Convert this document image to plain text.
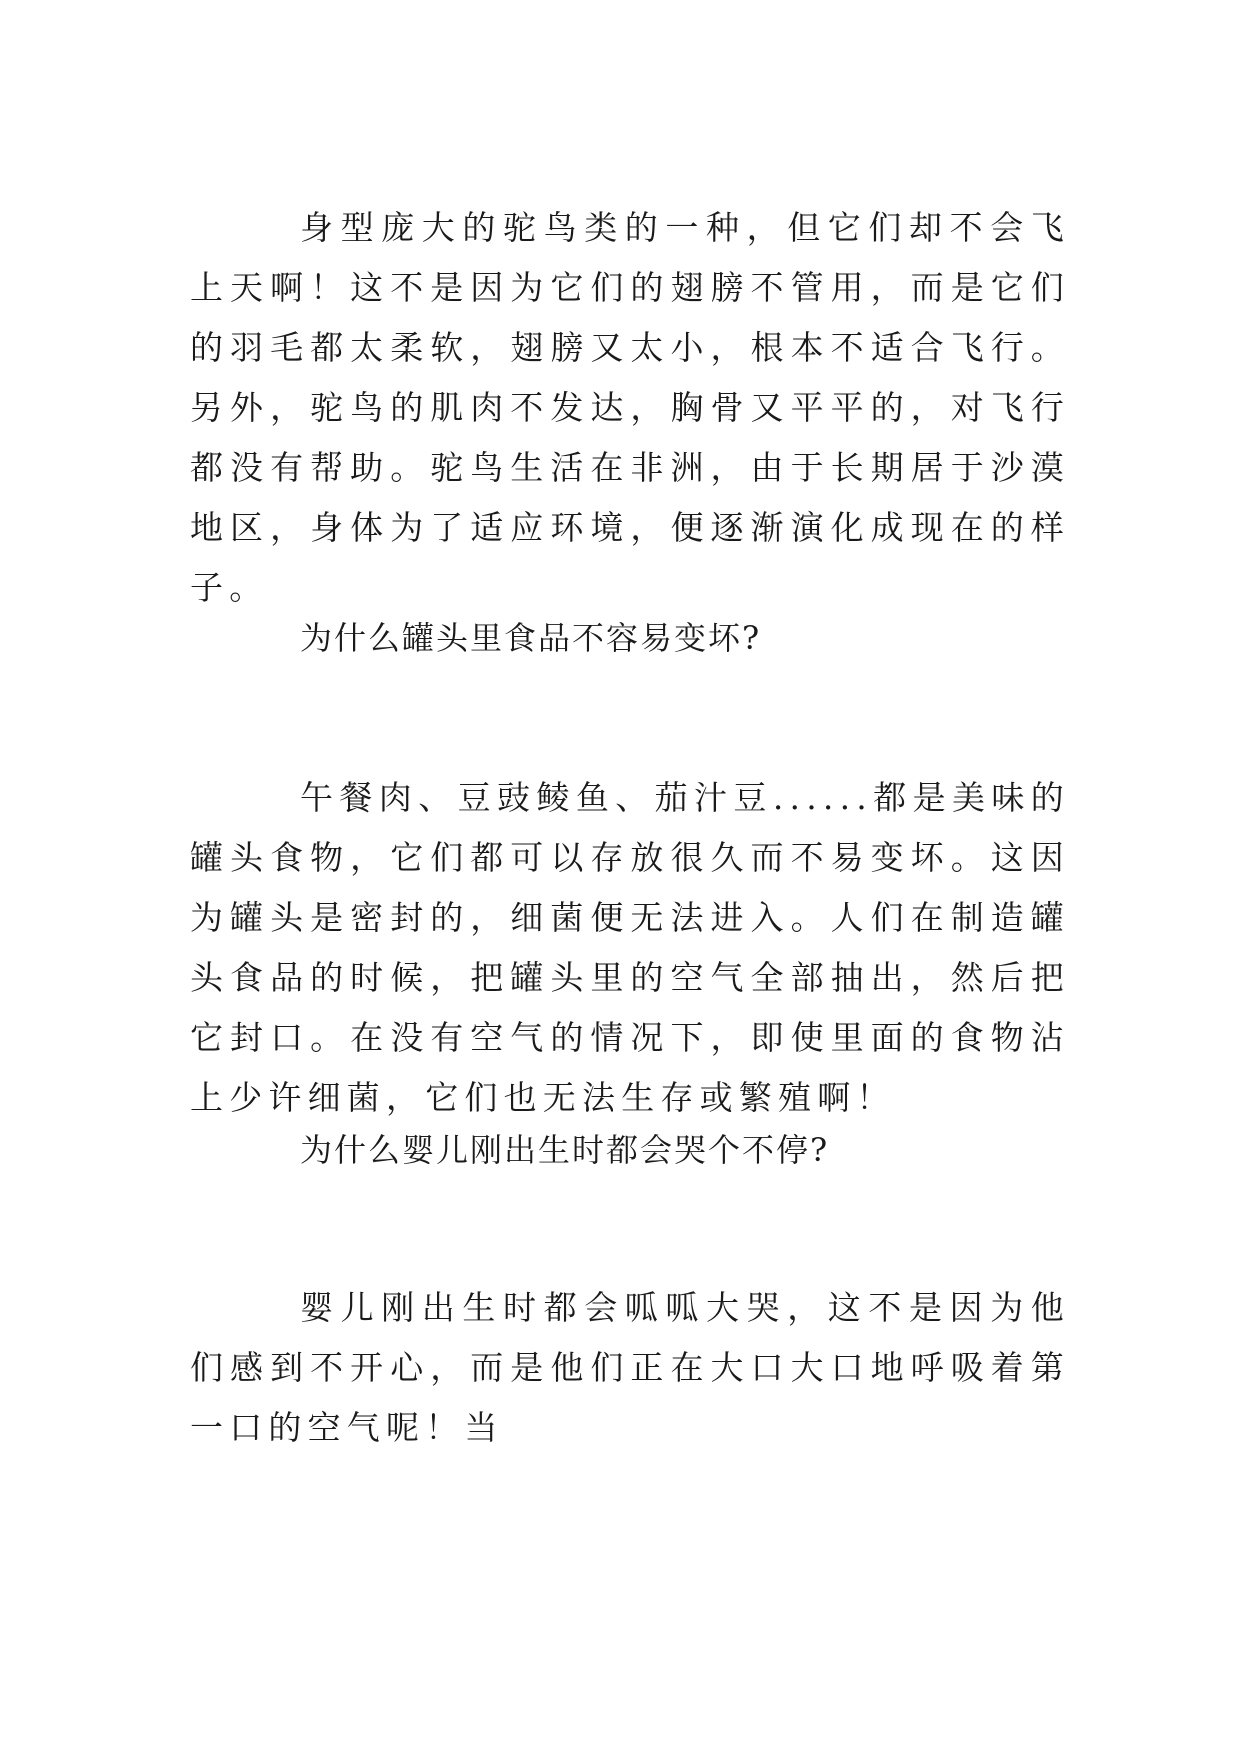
身型庞大的驼鸟类的一种，但它们却不会飞上天啊！这不是因为它们的翅膀不管用，而是它们的羽毛都太柔软，翅膀又太小，根本不适合飞行。另外，驼鸟的肌肉不发达，胸骨又平平的，对飞行都没有帮助。驼鸟生活在非洲，由于长期居于沙漠地区，身体为了适应环境，便逐渐演化成现在的样子。

为什么罐头里食品不容易变坏?

午餐肉、豆豉鲮鱼、茄汁豆......都是美味的罐头食物，它们都可以存放很久而不易变坏。这因为罐头是密封的，细菌便无法进入。人们在制造罐头食品的时候，把罐头里的空气全部抽出，然后把它封口。在没有空气的情况下，即使里面的食物沾上少许细菌，它们也无法生存或繁殖啊！

为什么婴儿刚出生时都会哭个不停?

婴儿刚出生时都会呱呱大哭，这不是因为他们感到不开心，而是他们正在大口大口地呼吸着第一口的空气呢！当
